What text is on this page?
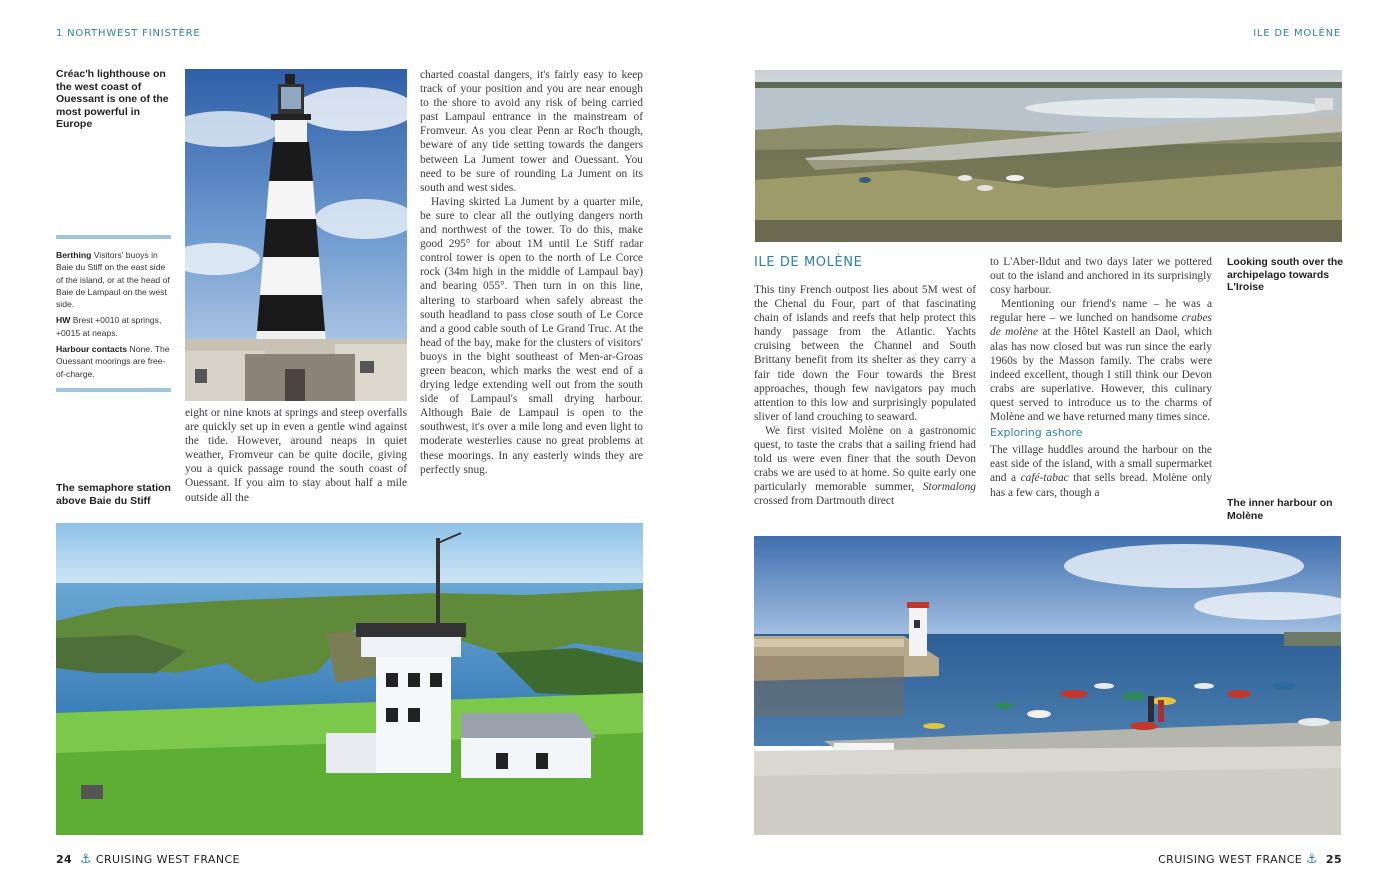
1 NORTHWEST FINISTÈRE	ILE DE MOLÈNE
Créac'h lighthouse on the west coast of Ouessant is one of the most powerful in Europe

Berthing Visitors' buoys in Baie du Stiff on the east side of the island, or at the head of Baie de Lampaul on the west side.

HW Brest +0010 at springs, +0015 at neaps.

Harbour contacts None. The Ouessant moorings are free-of-charge.

The semaphore station above Baie du Stiff

eight or nine knots at springs and steep overfalls are quickly set up in even a gentle wind against the tide. However, around neaps in quiet weather, Fromveur can be quite docile, giving you a quick passage round the south coast of Ouessant. If you aim to stay about half a mile outside all the

charted coastal dangers, it's fairly easy to keep track of your position and you are near enough to the shore to avoid any risk of being carried past Lampaul entrance in the mainstream of Fromveur. As you clear Penn ar Roc'h though, beware of any tide setting towards the dangers between La Jument tower and Ouessant. You need to be sure of rounding La Jument on its south and west sides.

Having skirted La Jument by a quarter mile, be sure to clear all the outlying dangers north and northwest of the tower. To do this, make good 295° for about 1M until Le Stiff radar control tower is open to the north of Le Corce rock (34m high in the middle of Lampaul bay) and bearing 055°. Then turn in on this line, altering to starboard when safely abreast the south headland to pass close south of Le Corce and a good cable south of Le Grand Truc. At the head of the bay, make for the clusters of visitors' buoys in the bight southeast of Men-ar-Groas green beacon, which marks the west end of a drying ledge extending well out from the south side of Lampaul's small drying harbour. Although Baie de Lampaul is open to the southwest, it's over a mile long and even light to moderate westerlies cause no great problems at these moorings. In any easterly winds they are perfectly snug.

24 ⚓ CRUISING WEST FRANCE
Looking south over the archipelago towards L'Iroise
ILE DE MOLÈNE

This tiny French outpost lies about 5M west of the Chenal du Four, part of that fascinating chain of islands and reefs that help protect this handy passage from the Atlantic. Yachts cruising between the Channel and South Brittany benefit from its shelter as they carry a fair tide down the Four towards the Brest approaches, though few navigators pay much attention to this low and surprisingly populated sliver of land crouching to seaward.

We first visited Molène on a gastronomic quest, to taste the crabs that a sailing friend had told us were even finer that the south Devon crabs we are used to at home. So quite early one particularly memorable summer, Stormalong crossed from Dartmouth direct

to L'Aber-Ildut and two days later we pottered out to the island and anchored in its surprisingly cosy harbour.

Mentioning our friend's name – he was a regular here – we lunched on handsome crabes de molène at the Hôtel Kastell an Daol, which alas has now closed but was run since the early 1960s by the Masson family. The crabs were indeed excellent, though I still think our Devon crabs are superlative. However, this culinary quest served to introduce us to the charms of Molène and we have returned many times since.

Exploring ashore

The village huddles around the harbour on the east side of the island, with a small supermarket and a café-tabac that sells bread. Molène only has a few cars, though a

The inner harbour on Molène
CRUISING WEST FRANCE ⚓ 25
